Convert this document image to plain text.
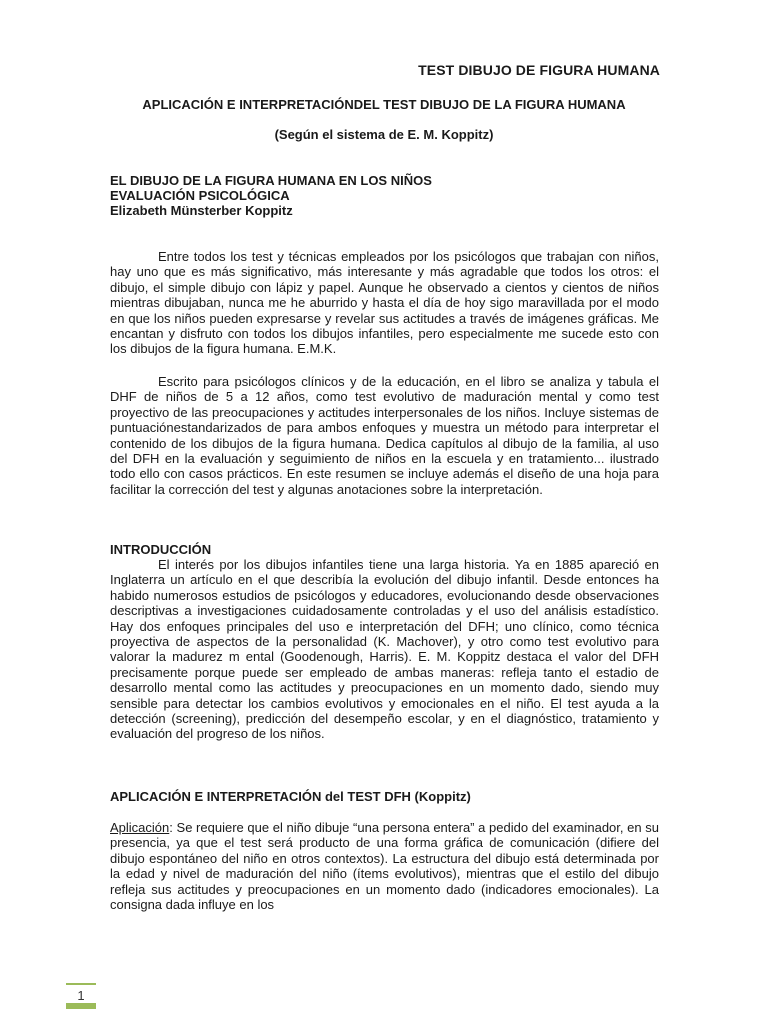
TEST DIBUJO DE FIGURA HUMANA
APLICACIÓN E INTERPRETACIÓNDEL TEST DIBUJO DE LA FIGURA HUMANA
(Según el sistema de E. M. Koppitz)
EL DIBUJO DE LA FIGURA HUMANA EN LOS NIÑOS
EVALUACIÓN PSICOLÓGICA
Elizabeth Münsterber Koppitz

Entre todos los test y técnicas empleados por los psicólogos que trabajan con niños, hay uno que es más significativo, más interesante y más agradable que todos los otros: el dibujo, el simple dibujo con lápiz y papel. Aunque he observado a cientos y cientos de niños mientras dibujaban, nunca me he aburrido y hasta el día de hoy sigo maravillada por el modo en que los niños pueden expresarse y revelar sus actitudes a través de imágenes gráficas. Me encantan y disfruto con todos los dibujos infantiles, pero especialmente me sucede esto con los dibujos de la figura humana. E.M.K.

Escrito para psicólogos clínicos y de la educación, en el libro se analiza y tabula el DHF de niños de 5 a 12 años, como test evolutivo de maduración mental y como test proyectivo de las preocupaciones y actitudes interpersonales de los niños. Incluye sistemas de puntuaciónestandarizados de para ambos enfoques y muestra un método para interpretar el contenido de los dibujos de la figura humana. Dedica capítulos al dibujo de la familia, al uso del DFH en la evaluación y seguimiento de niños en la escuela y en tratamiento... ilustrado todo ello con casos prácticos. En este resumen se incluye además el diseño de una hoja para facilitar la corrección del test y algunas anotaciones sobre la interpretación.

INTRODUCCIÓN

El interés por los dibujos infantiles tiene una larga historia. Ya en 1885 apareció en Inglaterra un artículo en el que describía la evolución del dibujo infantil. Desde entonces ha habido numerosos estudios de psicólogos y educadores, evolucionando desde observaciones descriptivas a investigaciones cuidadosamente controladas y el uso del análisis estadístico. Hay dos enfoques principales del uso e interpretación del DFH; uno clínico, como técnica proyectiva de aspectos de la personalidad (K. Machover), y otro como test evolutivo para valorar la madurez m ental (Goodenough, Harris). E. M. Koppitz destaca el valor del DFH precisamente porque puede ser empleado de ambas maneras: refleja tanto el estadio de desarrollo mental como las actitudes y preocupaciones en un momento dado, siendo muy sensible para detectar los cambios evolutivos y emocionales en el niño. El test ayuda a la detección (screening), predicción del desempeño escolar, y en el diagnóstico, tratamiento y evaluación del progreso de los niños.

APLICACIÓN E INTERPRETACIÓN del TEST DFH (Koppitz)

Aplicación: Se requiere que el niño dibuje “una persona entera” a pedido del examinador, en su presencia, ya que el test será producto de una forma gráfica de comunicación (difiere del dibujo espontáneo del niño en otros contextos). La estructura del dibujo está determinada por la edad y nivel de maduración del niño (ítems evolutivos), mientras que el estilo del dibujo refleja sus actitudes y preocupaciones en un momento dado (indicadores emocionales). La consigna dada influye en los

1
